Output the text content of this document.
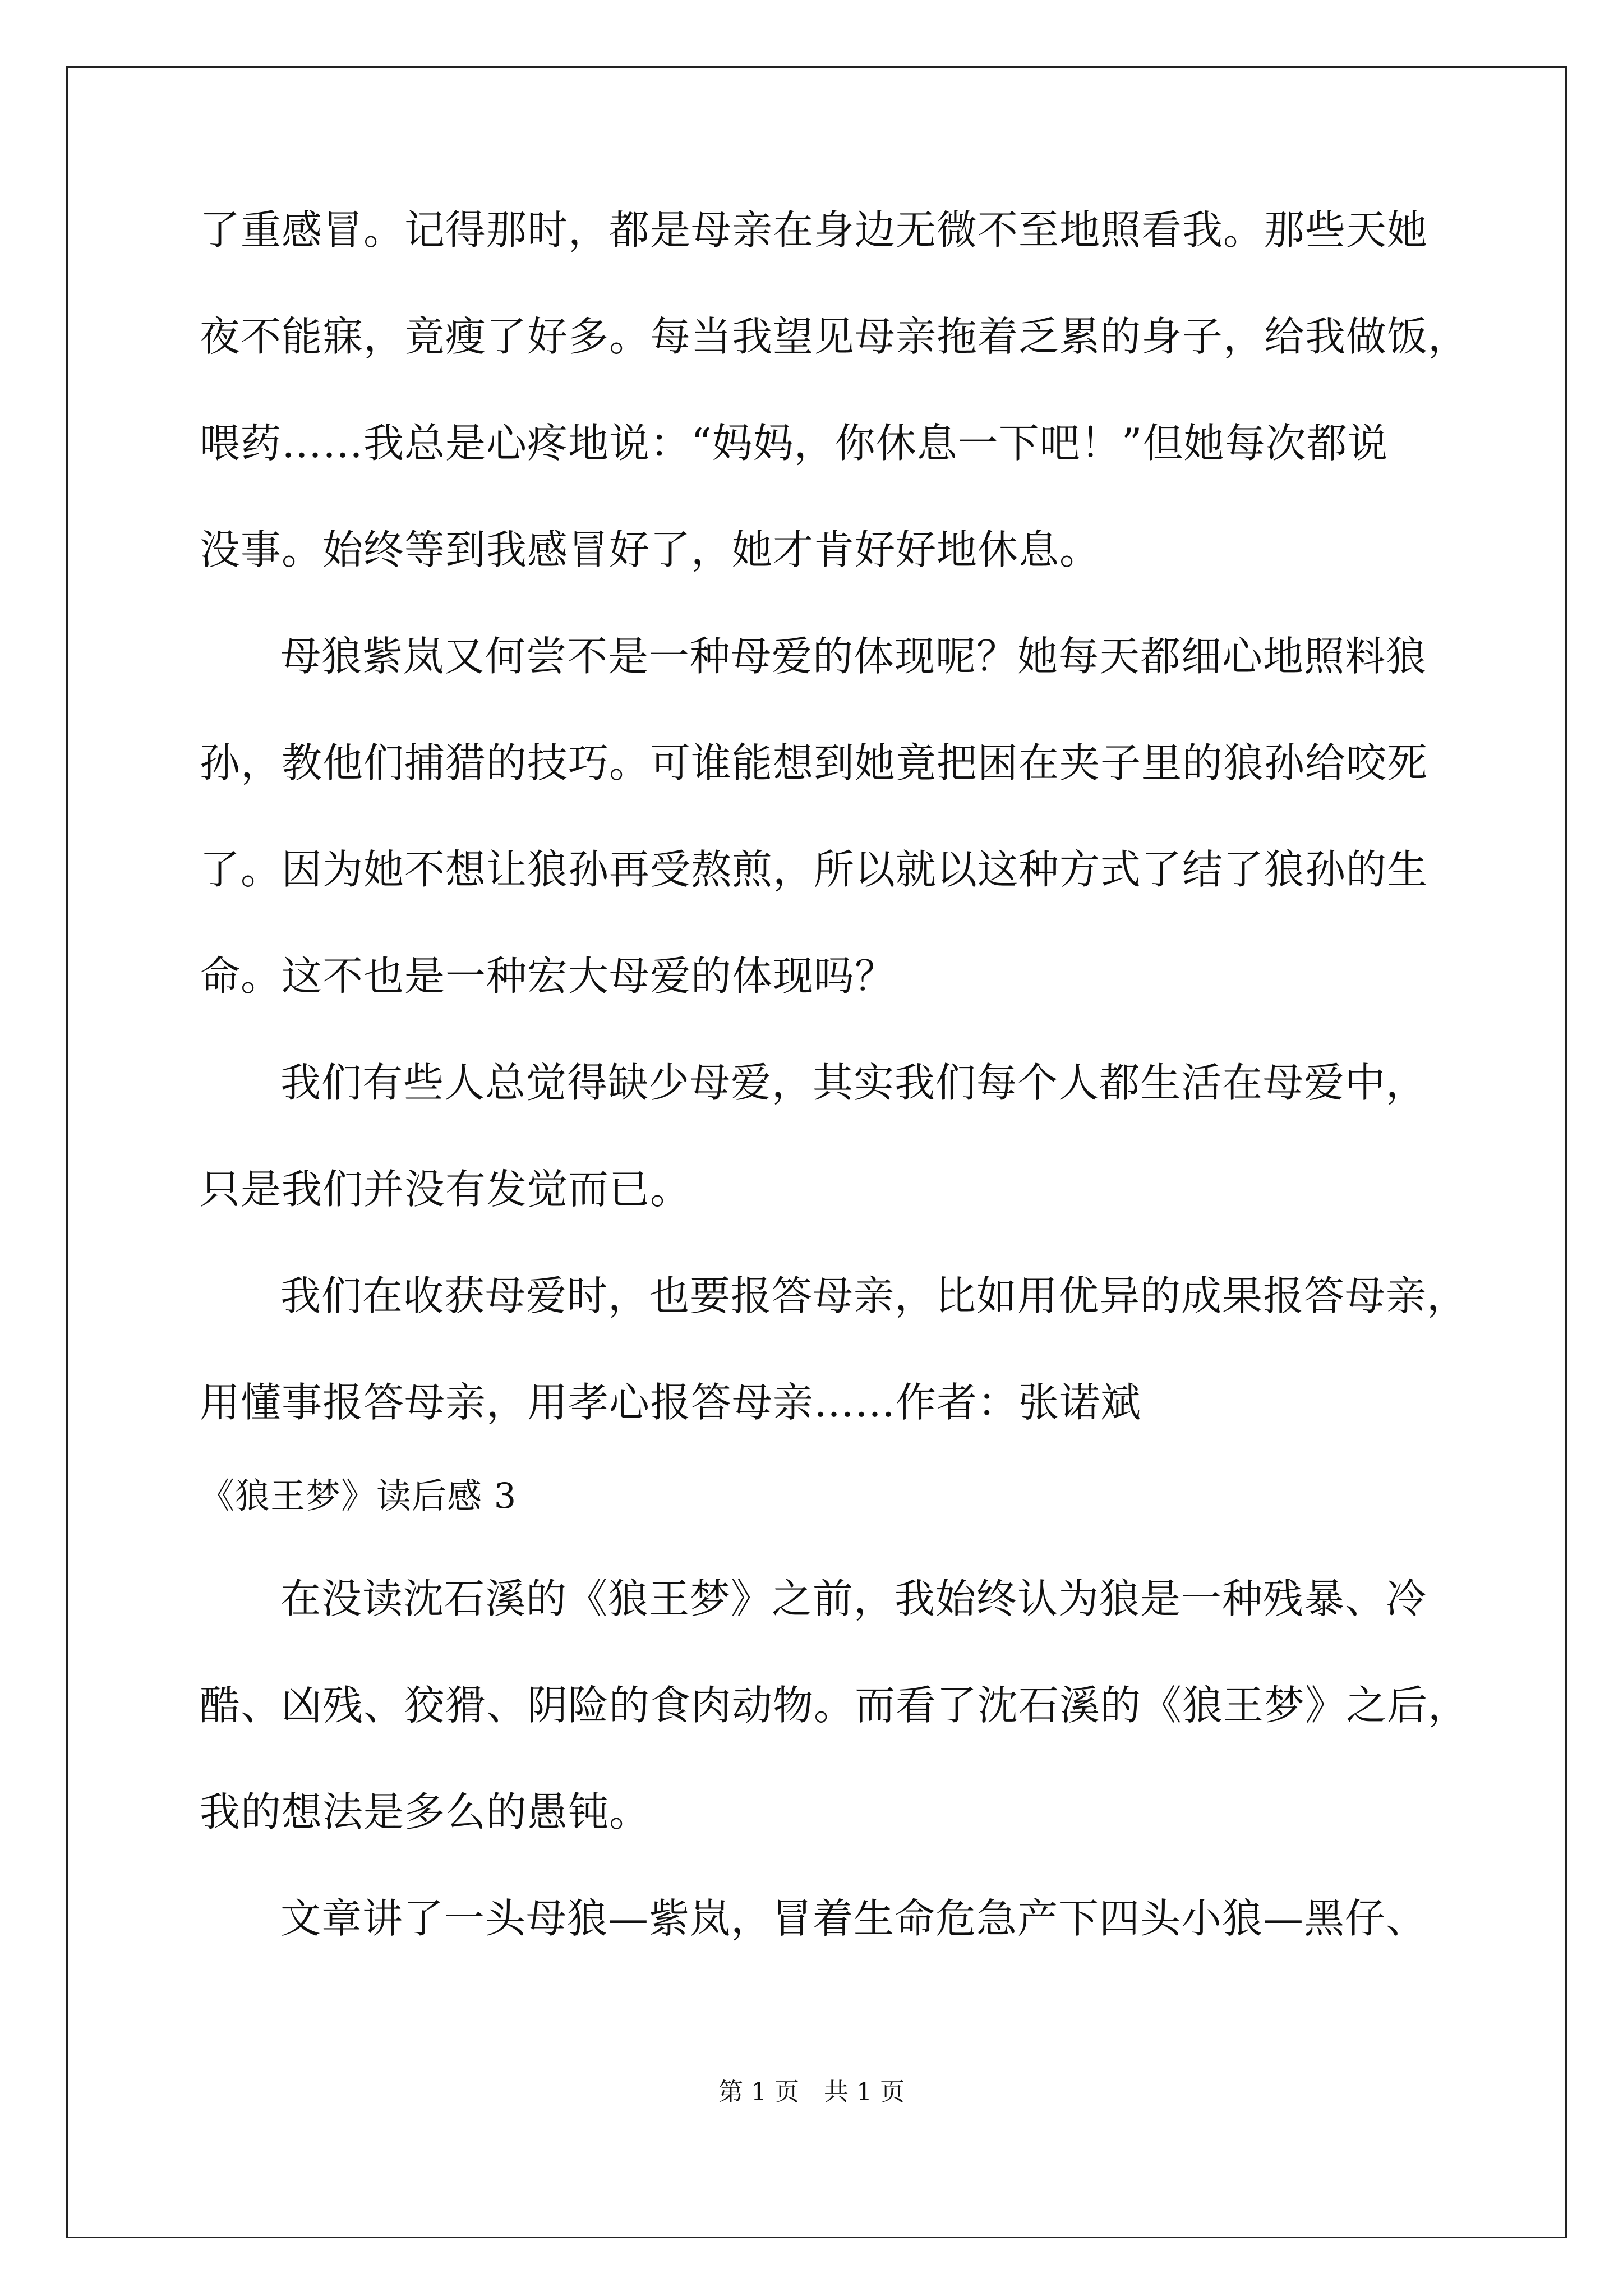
了重感冒。记得那时，都是母亲在身边无微不至地照看我。那些天她
夜不能寐，竟瘦了好多。每当我望见母亲拖着乏累的身子，给我做饭，
喂药……我总是心疼地说：“妈妈，你休息一下吧！”但她每次都说
没事。始终等到我感冒好了，她才肯好好地休息。
母狼紫岚又何尝不是一种母爱的体现呢？她每天都细心地照料狼
孙，教他们捕猎的技巧。可谁能想到她竟把困在夹子里的狼孙给咬死
了。因为她不想让狼孙再受熬煎，所以就以这种方式了结了狼孙的生
命。这不也是一种宏大母爱的体现吗？
我们有些人总觉得缺少母爱，其实我们每个人都生活在母爱中，
只是我们并没有发觉而已。
我们在收获母爱时，也要报答母亲，比如用优异的成果报答母亲，
用懂事报答母亲，用孝心报答母亲……作者：张诺斌
《狼王梦》读后感 3
在没读沈石溪的《狼王梦》之前，我始终认为狼是一种残暴、冷
酷、凶残、狡猾、阴险的食肉动物。而看了沈石溪的《狼王梦》之后，
我的想法是多么的愚钝。
文章讲了一头母狼—紫岚，冒着生命危急产下四头小狼—黑仔、
第 1 页 共 1 页
